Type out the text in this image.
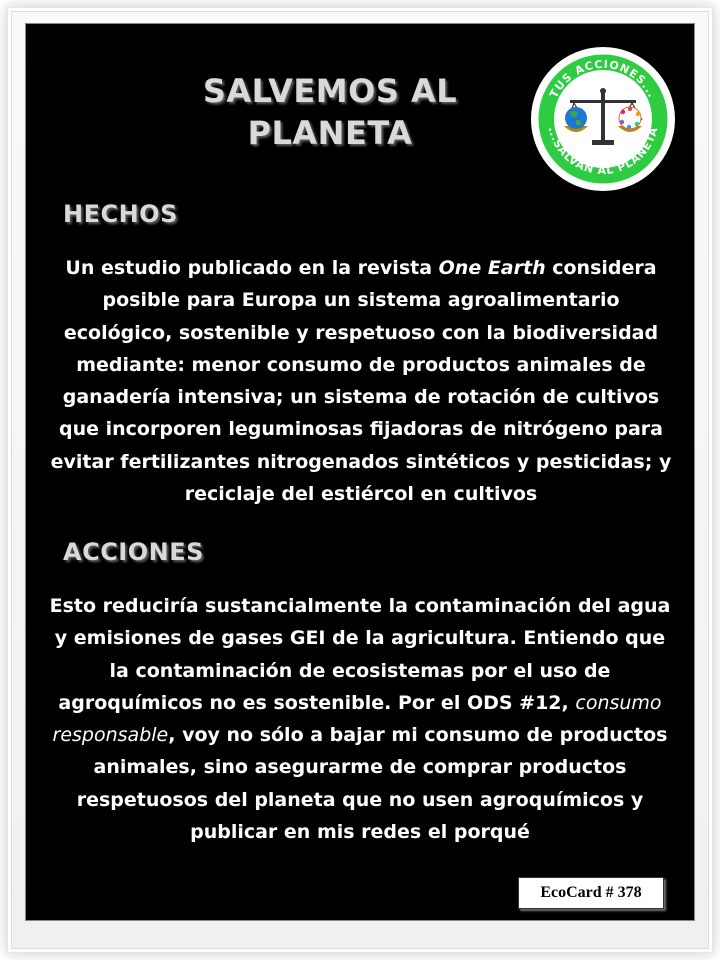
SALVEMOS AL
PLANETA
TUS ACCIONES...
...SALVAN AL PLANETA
HECHOS
Un estudio publicado en la revista One Earth considera posible para Europa un sistema agroalimentario ecológico, sostenible y respetuoso con la biodiversidad mediante: menor consumo de productos animales de ganadería intensiva; un sistema de rotación de cultivos que incorporen leguminosas fijadoras de nitrógeno para evitar fertilizantes nitrogenados sintéticos y pesticidas; y reciclaje del estiércol en cultivos
ACCIONES
Esto reduciría sustancialmente la contaminación del agua y emisiones de gases GEI de la agricultura. Entiendo que la contaminación de ecosistemas por el uso de agroquímicos no es sostenible. Por el ODS #12, consumo responsable, voy no sólo a bajar mi consumo de productos animales, sino asegurarme de comprar productos respetuosos del planeta que no usen agroquímicos y publicar en mis redes el porqué
EcoCard # 378
